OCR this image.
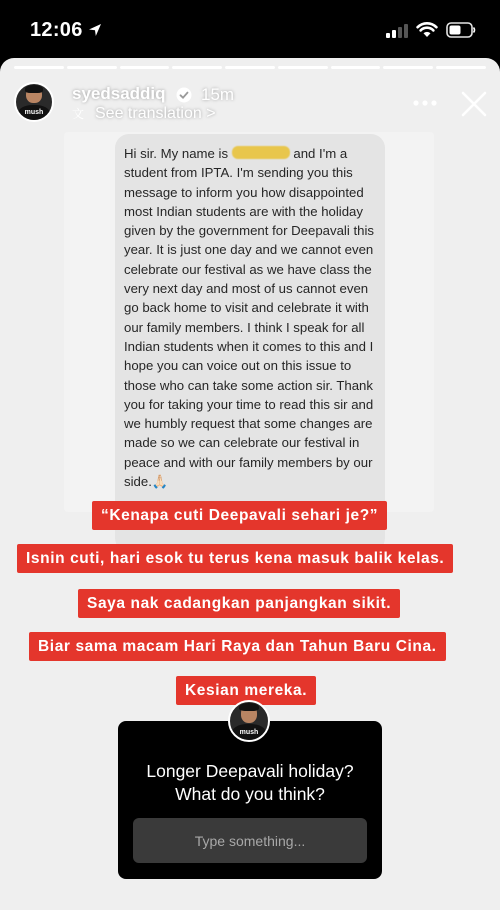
12:06
mush
syedsaddiq 15m
文 See translation >
Hi sir. My name is	and I'm a student from IPTA. I'm sending you this message to inform you how disappointed most Indian students are with the holiday given by the government for Deepavali this year. It is just one day and we cannot even celebrate our festival as we have class the very next day and most of us cannot even go back home to visit and celebrate it with our family members. I think I speak for all Indian students when it comes to this and I hope you can voice out on this issue to those who can take some action sir. Thank you for taking your time to read this sir and we humbly request that some changes are made so we can celebrate our festival in peace and with our family members by our side.🙏🏻
“Kenapa cuti Deepavali sehari je?”
Isnin cuti, hari esok tu terus kena masuk balik kelas.
Saya nak cadangkan panjangkan sikit.
Biar sama macam Hari Raya dan Tahun Baru Cina.
Kesian mereka.
mush
Longer Deepavali holiday?
What do you think?
Type something...
